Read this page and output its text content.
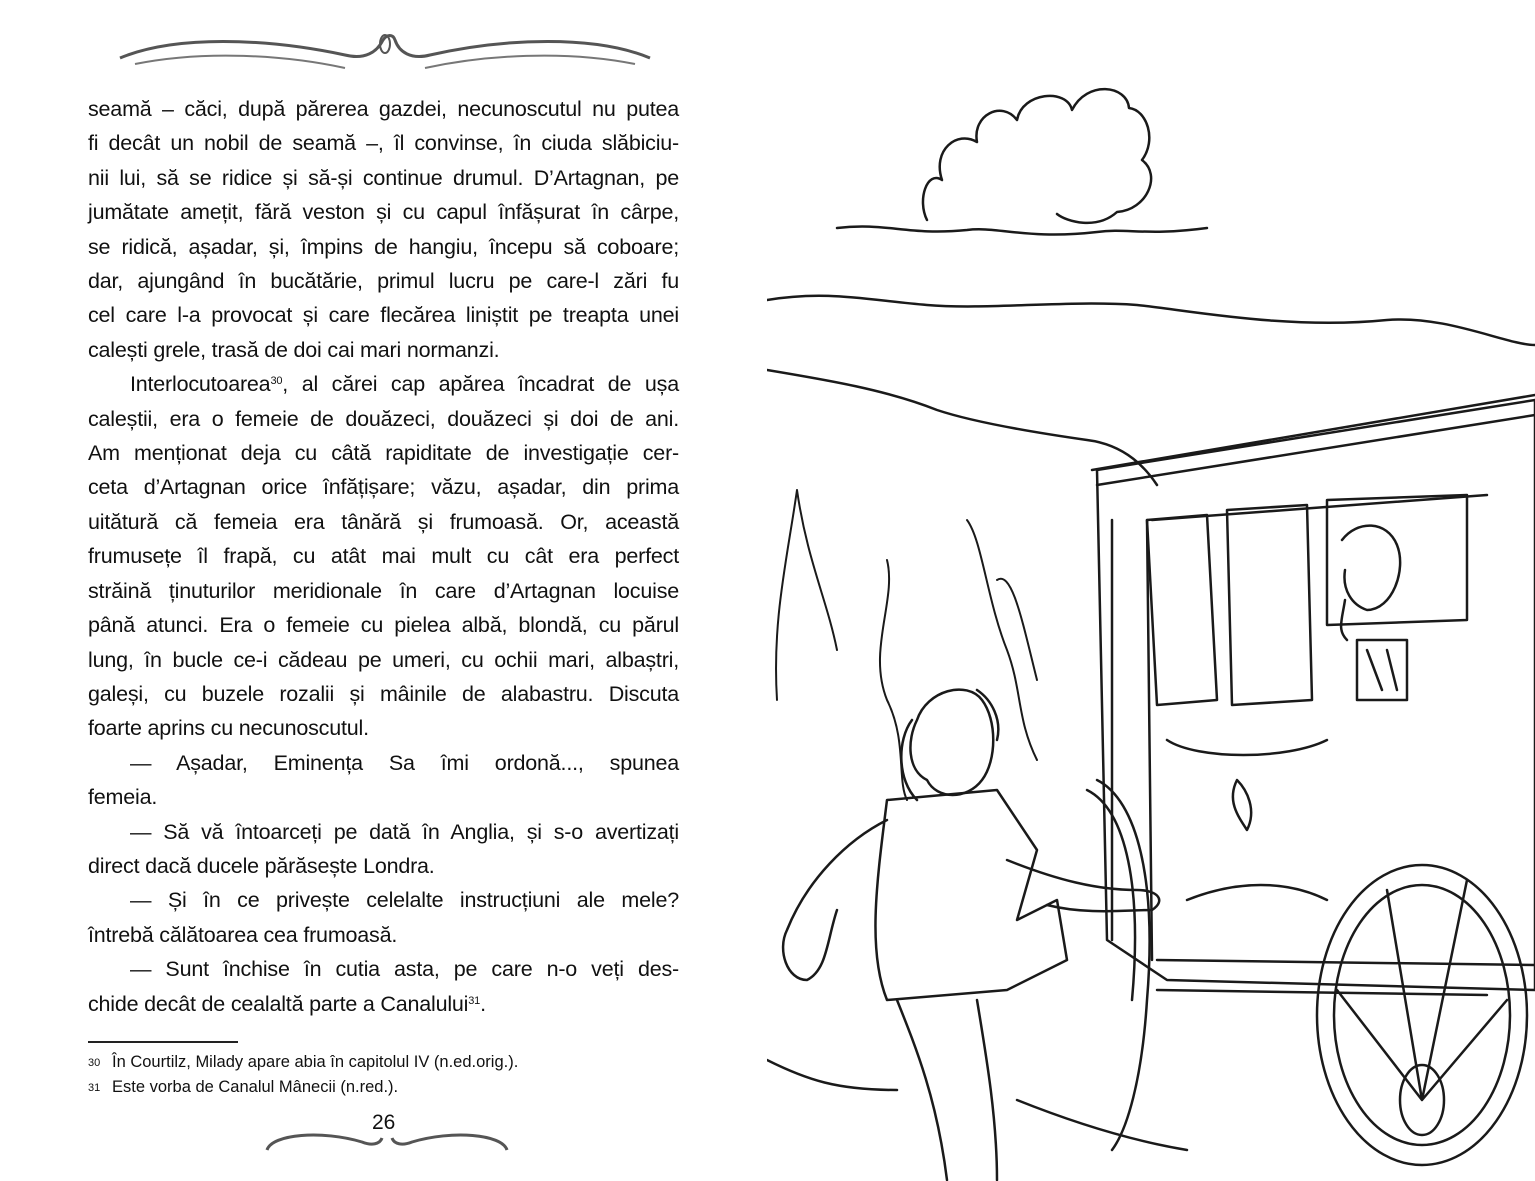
seamă – căci, după părerea gazdei, necunoscutul nu putea
fi decât un nobil de seamă –, îl convinse, în ciuda slăbiciu-
nii lui, să se ridice și să-și continue drumul. D’Artagnan, pe
jumătate amețit, fără veston și cu capul înfășurat în cârpe,
se ridică, așadar, și, împins de hangiu, începu să coboare;
dar, ajungând în bucătărie, primul lucru pe care-l zări fu
cel care l-a provocat și care flecărea liniștit pe treapta unei
calești grele, trasă de doi cai mari normanzi.
Interlocutoarea$^{30}$, al cărei cap apărea încadrat de ușa
caleștii, era o femeie de douăzeci, douăzeci și doi de ani.
Am menționat deja cu câtă rapiditate de investigație cer-
ceta d’Artagnan orice înfățișare; văzu, așadar, din prima
uitătură că femeia era tânără și frumoasă. Or, această
frumusețe îl frapă, cu atât mai mult cu cât era perfect
străină ținuturilor meridionale în care d’Artagnan locuise
până atunci. Era o femeie cu pielea albă, blondă, cu părul
lung, în bucle ce-i cădeau pe umeri, cu ochii mari, albaștri,
galeși, cu buzele rozalii și mâinile de alabastru. Discuta
foarte aprins cu necunoscutul.
— Așadar, Eminența Sa îmi ordonă..., spunea
femeia.
— Să vă întoarceți pe dată în Anglia, și s-o avertizați
direct dacă ducele părăsește Londra.
— Și în ce privește celelalte instrucțiuni ale mele?
întrebă călătoarea cea frumoasă.
— Sunt închise în cutia asta, pe care n-o veți des-
chide decât de cealaltă parte a Canalului$^{31}$.
30 În Courtilz, Milady apare abia în capitolul IV (n.ed.orig.).
31 Este vorba de Canalul Mânecii (n.red.).
26
